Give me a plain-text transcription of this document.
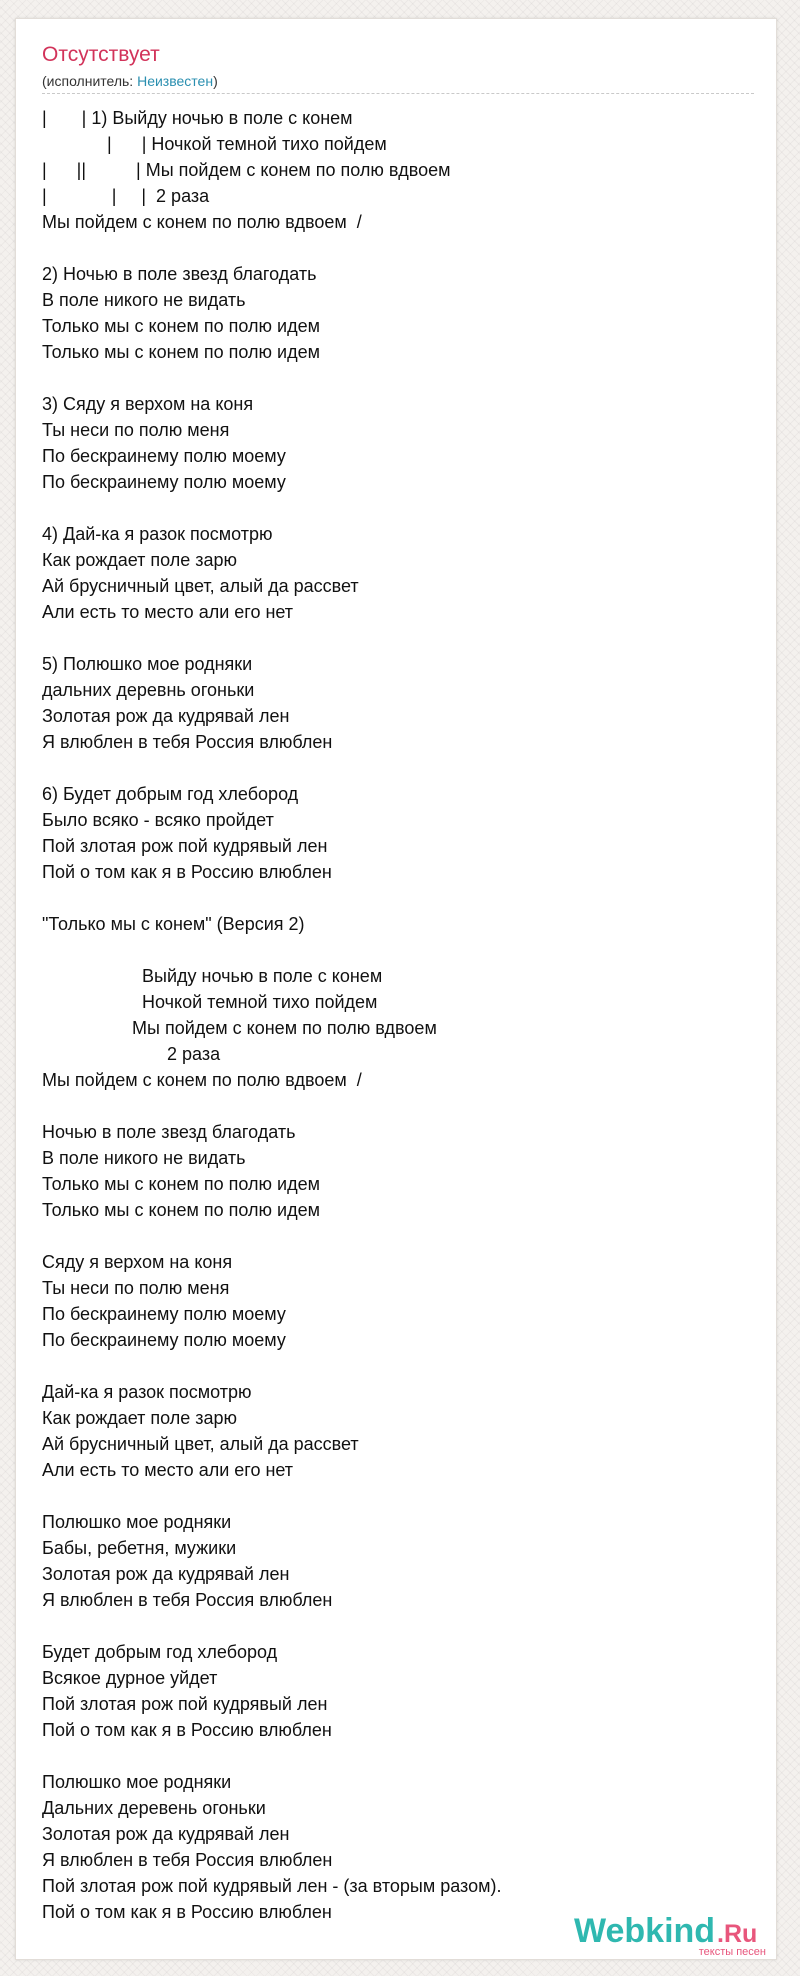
Отсутствует
(исполнитель: Неизвестен)
|       | 1) Выйду ночью в поле с конем
|      | Ночкой темной тихо пойдем
|      ||          | Мы пойдем с конем по полю вдвоем
|             |     |  2 раза
Мы пойдем с конем по полю вдвоем  /

2) Ночью в поле звезд благодать
В поле никого не видать
Только мы с конем по полю идем
Только мы с конем по полю идем

3) Сяду я верхом на коня
Ты неси по полю меня
По бескраинему полю моему
По бескраинему полю моему

4) Дай-ка я разок посмотрю
Как рождает поле зарю
Ай брусничный цвет, алый да рассвет
Али есть то место али его нет

5) Полюшко мое родняки
дальних деревнь огоньки
Золотая рож да кудрявай лен
Я влюблен в тебя Россия влюблен

6) Будет добрым год хлебород
Было всяко - всяко пройдет
Пой злотая рож пой кудрявый лен
Пой о том как я в Россию влюблен

"Только мы с конем" (Версия 2)

Выйду ночью в поле с конем
Ночкой темной тихо пойдем
Мы пойдем с конем по полю вдвоем
2 раза
Мы пойдем с конем по полю вдвоем  /

Ночью в поле звезд благодать
В поле никого не видать
Только мы с конем по полю идем
Только мы с конем по полю идем

Сяду я верхом на коня
Ты неси по полю меня
По бескраинему полю моему
По бескраинему полю моему

Дай-ка я разок посмотрю
Как рождает поле зарю
Ай брусничный цвет, алый да рассвет
Али есть то место али его нет

Полюшко мое родняки
Бабы, ребетня, мужики
Золотая рож да кудрявай лен
Я влюблен в тебя Россия влюблен

Будет добрым год хлебород
Всякое дурное уйдет
Пой злотая рож пой кудрявый лен
Пой о том как я в Россию влюблен

Полюшко мое родняки
Дальних деревень огоньки
Золотая рож да кудрявай лен
Я влюблен в тебя Россия влюблен
Пой злотая рож пой кудрявый лен - (за вторым разом).
Пой о том как я в Россию влюблен	Webkind .Ru
тексты песен
